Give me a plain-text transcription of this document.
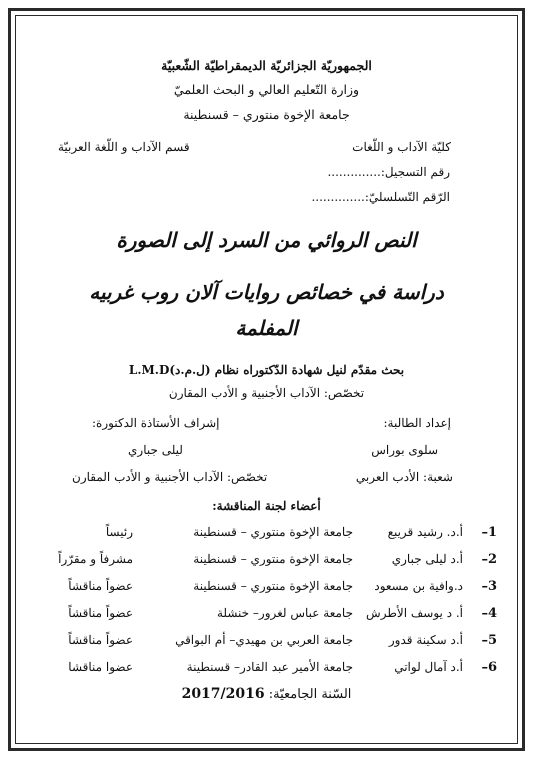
الجمهوريّة الجزائريّة الديمقراطيّة الشّعبيّة
وزارة التّعليم العالي و البحث العلميّ
جامعة الإخوة منتوري – قسنطينة
كليّة الآداب و اللّغات
قسم الآداب و اللّغة العربيّة
رقم التسجيل:..............
الرّقم التّسلسليّ:..............
النص الروائي من السرد إلى الصورة
دراسة في خصائص روايات آلان روب غربيه
المفلمة
بحث مقدّم لنيل شهادة الدّكتوراه نظام (ل.م.د)L.M.D
تخصّص: الآداب الأجنبية و الأدب المقارن
إعداد الطالبة:
إشراف الأستاذة الدكتورة:
سلوى بوراس
ليلى جباري
شعبة: الأدب العربي
تخصّص: الآداب الأجنبية و الأدب المقارن
أعضاء لجنة المناقشة:
1–
أ.د. رشيد قريبع
جامعة الإخوة منتوري – قسنطينة
رئيساً
2–
أ.د ليلى جباري
جامعة الإخوة منتوري – قسنطينة
مشرفاً و مقرّراً
3–
د.وافية بن مسعود
جامعة الإخوة منتوري – قسنطينة
عضواً مناقشاً
4–
أ. د يوسف الأطرش
جامعة عباس لغرور– خنشلة
عضواً مناقشاً
5–
أ.د سكينة قدور
جامعة العربي بن مهيدي– أم البواقي
عضواً مناقشاً
6–
أ.د آمال لواتي
جامعة الأمير عبد القادر– قسنطينة
عضوا مناقشا
السّنة الجامعيّة: 2017/2016
